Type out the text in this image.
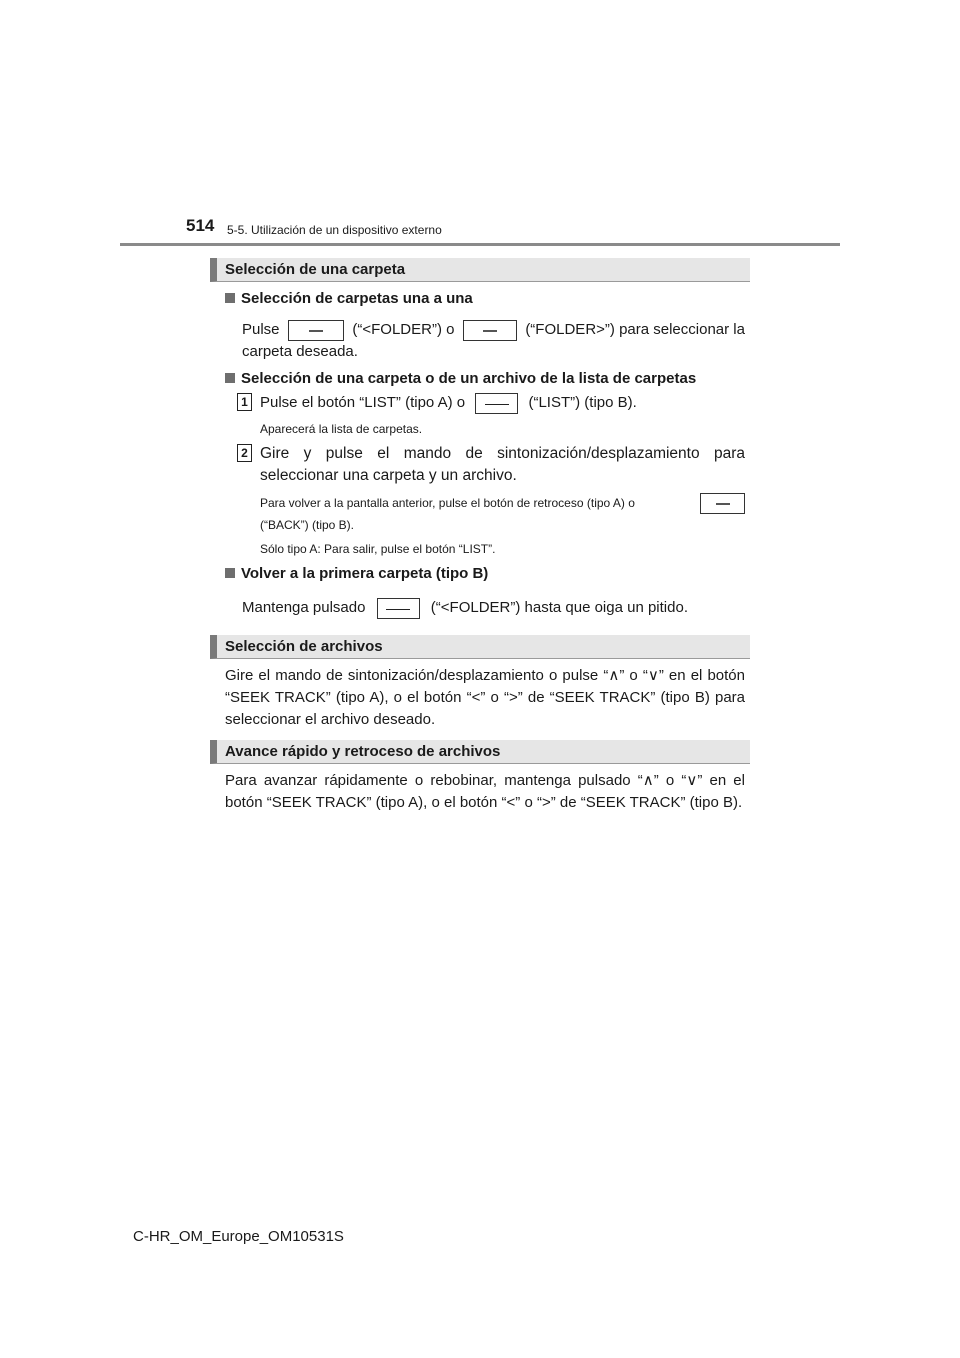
514 5-5. Utilización de un dispositivo externo
Selección de una carpeta
Selección de carpetas una a una
Pulse	(“<FOLDER”) o	(“FOLDER>”) para seleccionar la
carpeta deseada.
Selección de una carpeta o de un archivo de la lista de carpetas
1 Pulse el botón “LIST” (tipo A) o	(“LIST”) (tipo B).
Aparecerá la lista de carpetas.
2 Gire y pulse el mando de sintonización/desplazamiento para seleccionar una carpeta y un archivo.
Para volver a la pantalla anterior, pulse el botón de retroceso (tipo A) o
(“BACK”) (tipo B).
Sólo tipo A: Para salir, pulse el botón “LIST”.
Volver a la primera carpeta (tipo B)
Mantenga pulsado	(“<FOLDER”) hasta que oiga un pitido.
Selección de archivos
Gire el mando de sintonización/desplazamiento o pulse “∧” o “∨” en el botón “SEEK TRACK” (tipo A), o el botón “<” o “>” de “SEEK TRACK” (tipo B) para seleccionar el archivo deseado.
Avance rápido y retroceso de archivos
Para avanzar rápidamente o rebobinar, mantenga pulsado “∧” o “∨” en el botón “SEEK TRACK” (tipo A), o el botón “<” o “>” de “SEEK TRACK” (tipo B).
C-HR_OM_Europe_OM10531S
